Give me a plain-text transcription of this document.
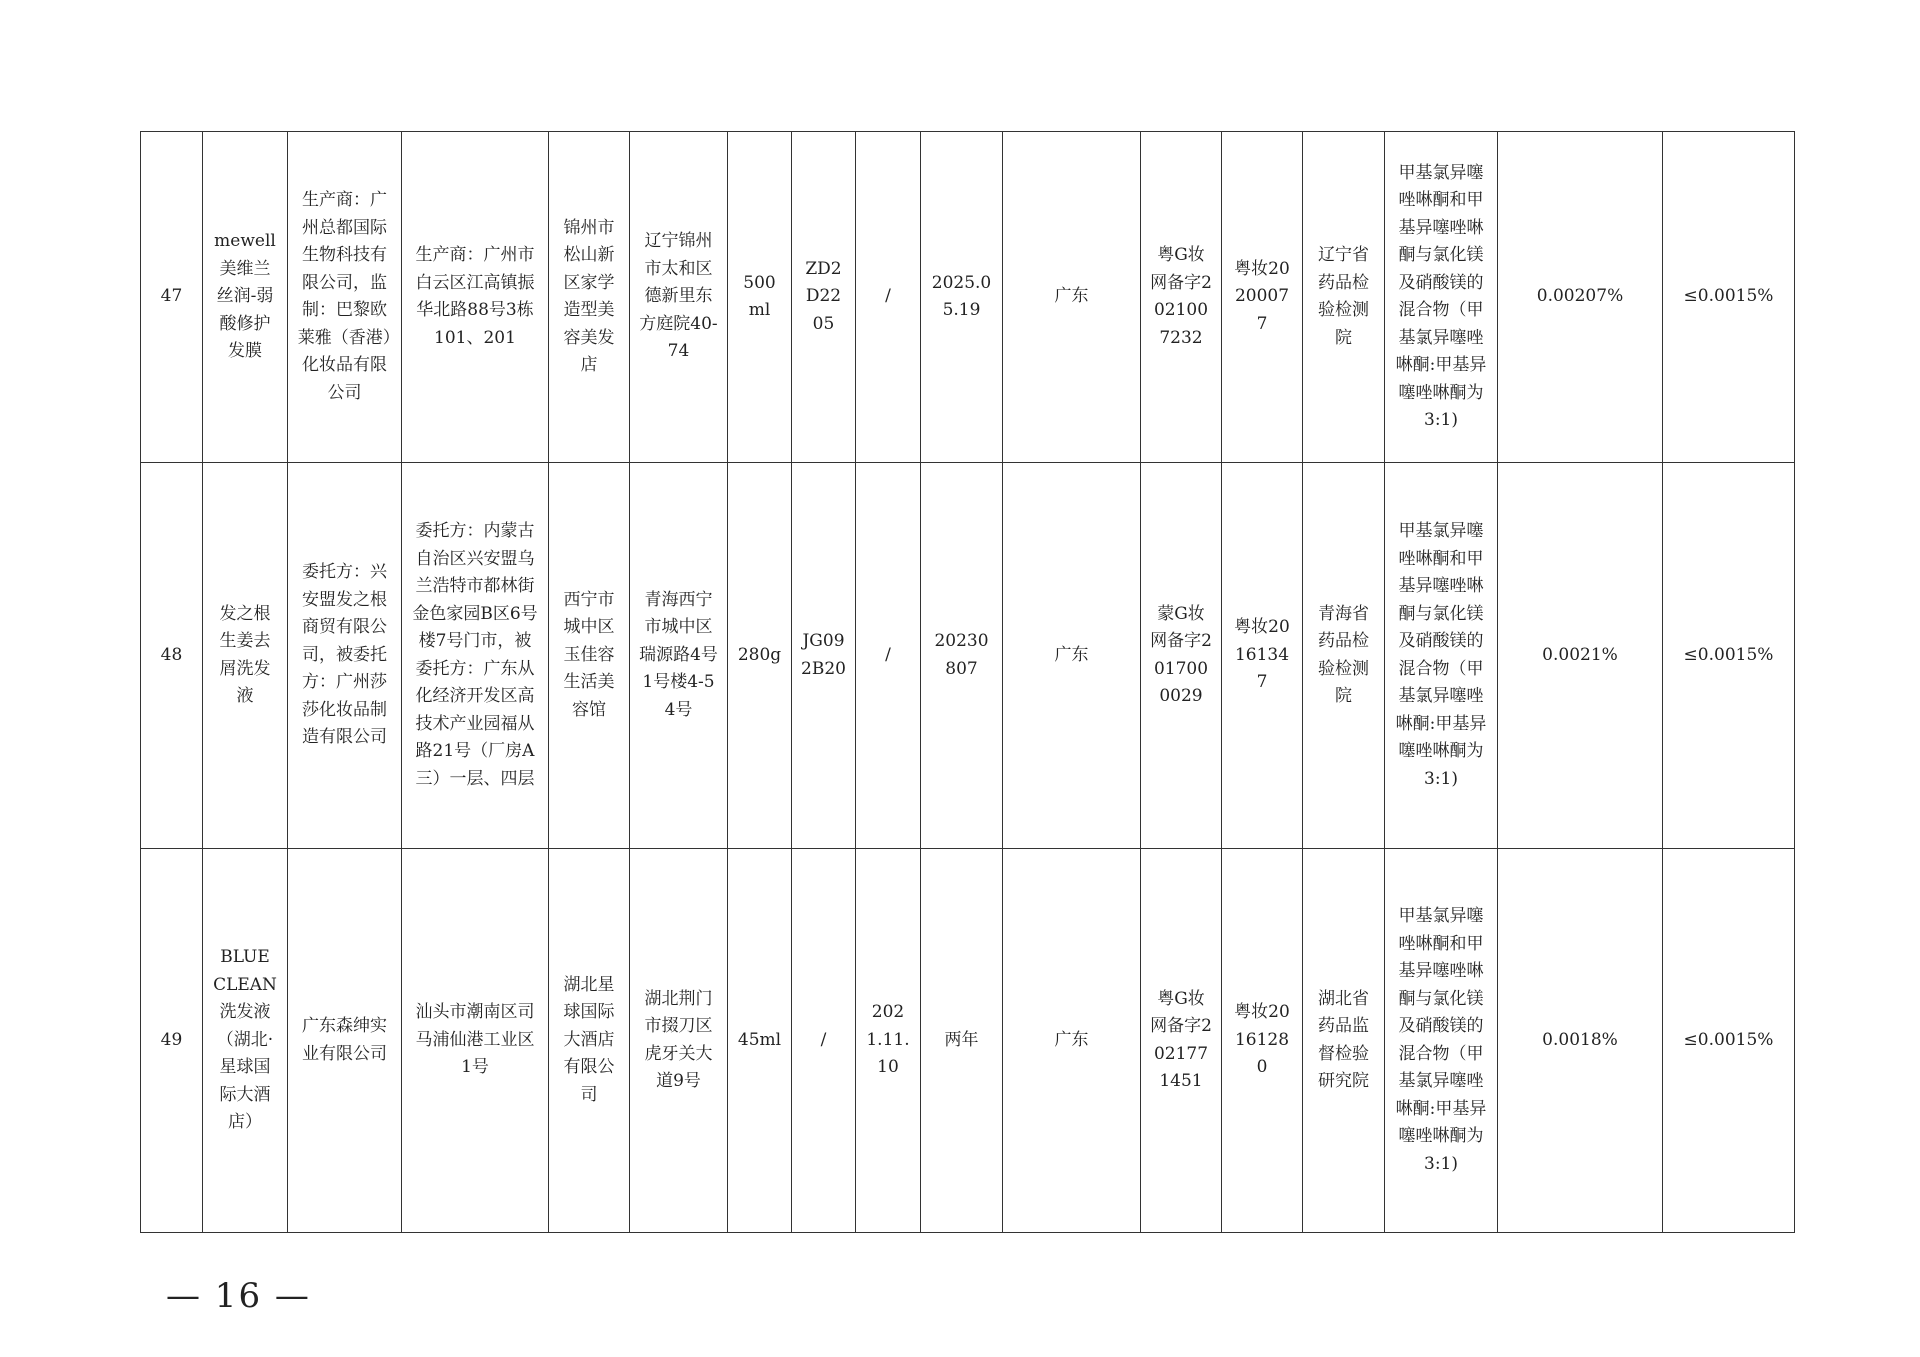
47	mewell美维兰丝润-弱酸修护发膜	生产商：广州总都国际生物科技有限公司，监制：巴黎欧莱雅（香港）化妆品有限公司	生产商：广州市白云区江高镇振华北路88号3栋101、201	锦州市松山新区家学造型美容美发店	辽宁锦州市太和区德新里东方庭院40-74	500ml	ZD2D2205	/	2025.05.19	广东	粤G妆网备字2021007232	粤妆20200077	辽宁省药品检验检测院	甲基氯异噻唑啉酮和甲基异噻唑啉酮与氯化镁及硝酸镁的混合物（甲基氯异噻唑啉酮:甲基异噻唑啉酮为3:1)	0.00207%	≤0.0015%
48	发之根生姜去屑洗发液	委托方：兴安盟发之根商贸有限公司，被委托方：广州莎莎化妆品制造有限公司	委托方：内蒙古自治区兴安盟乌兰浩特市都林街金色家园B区6号楼7号门市，被委托方：广东从化经济开发区高技术产业园福从路21号（厂房A三）一层、四层	西宁市城中区玉佳容生活美容馆	青海西宁市城中区瑞源路4号1号楼4-54号	280g	JG092B20	/	20230807	广东	蒙G妆网备字2017000029	粤妆20161347	青海省药品检验检测院	甲基氯异噻唑啉酮和甲基异噻唑啉酮与氯化镁及硝酸镁的混合物（甲基氯异噻唑啉酮:甲基异噻唑啉酮为3:1)	0.0021%	≤0.0015%
49	BLUE CLEAN洗发液（湖北·星球国际大酒店）	广东森绅实业有限公司	汕头市潮南区司马浦仙港工业区1号	湖北星球国际大酒店有限公司	湖北荆门市掇刀区虎牙关大道9号	45ml	/	2021.11.10	两年	广东	粤G妆网备字2021771451	粤妆20161280	湖北省药品监督检验研究院	甲基氯异噻唑啉酮和甲基异噻唑啉酮与氯化镁及硝酸镁的混合物（甲基氯异噻唑啉酮:甲基异噻唑啉酮为3:1)	0.0018%	≤0.0015%
— 16 —
